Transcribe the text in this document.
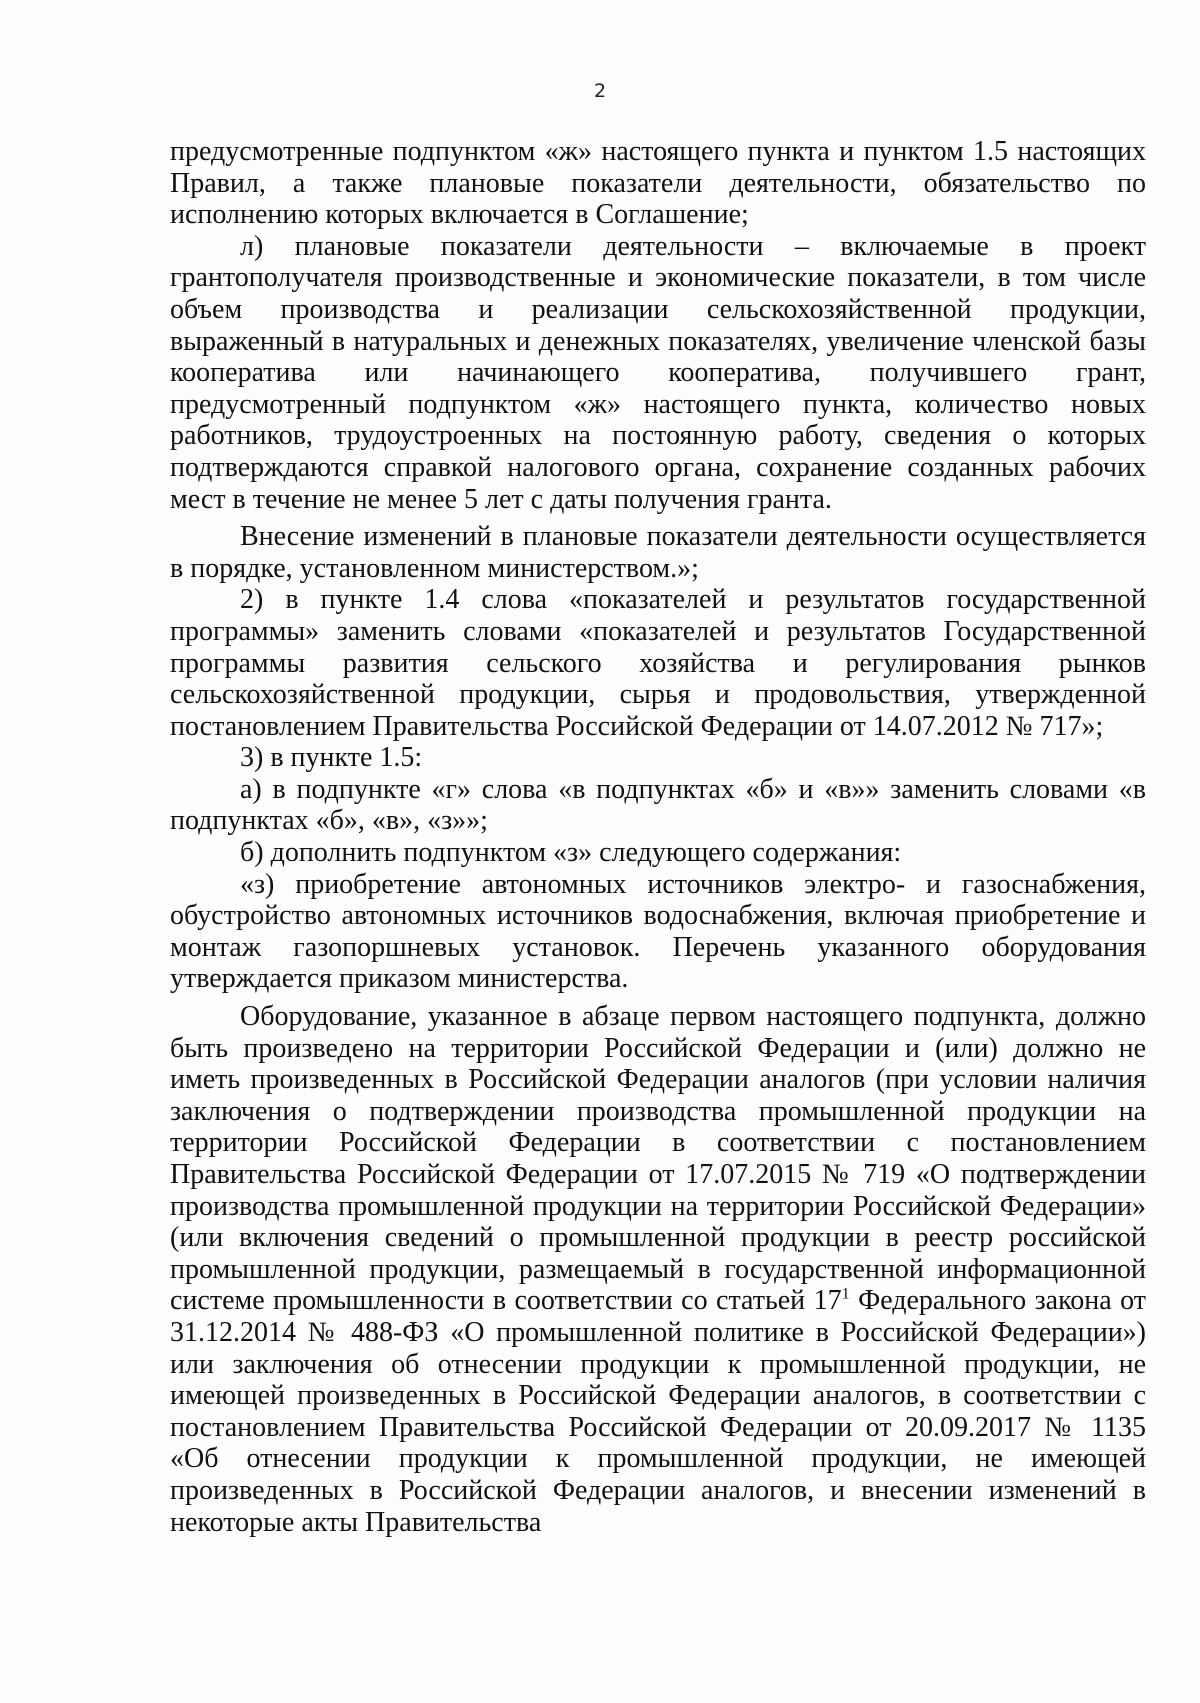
2

предусмотренные подпунктом «ж» настоящего пункта и пунктом 1.5 настоящих Правил, а также плановые показатели деятельности, обязательство по исполнению которых включается в Соглашение;

л) плановые показатели деятельности – включаемые в проект грантополучателя производственные и экономические показатели, в том числе объем производства и реализации сельскохозяйственной продукции, выраженный в натуральных и денежных показателях, увеличение членской базы кооператива или начинающего кооператива, получившего грант, предусмотренный подпунктом «ж» настоящего пункта, количество новых работников, трудоустроенных на постоянную работу, сведения о которых подтверждаются справкой налогового органа, сохранение созданных рабочих мест в течение не менее 5 лет с даты получения гранта.

Внесение изменений в плановые показатели деятельности осуществляется в порядке, установленном министерством.»;

2) в пункте 1.4 слова «показателей и результатов государственной программы» заменить словами «показателей и результатов Государственной программы развития сельского хозяйства и регулирования рынков сельскохозяйственной продукции, сырья и продовольствия, утвержденной постановлением Правительства Российской Федерации от 14.07.2012 № 717»;

3) в пункте 1.5:

а) в подпункте «г» слова «в подпунктах «б» и «в»» заменить словами «в подпунктах «б», «в», «з»»;

б) дополнить подпунктом «з» следующего содержания:

«з) приобретение автономных источников электро- и газоснабжения, обустройство автономных источников водоснабжения, включая приобретение и монтаж газопоршневых установок. Перечень указанного оборудования утверждается приказом министерства.

Оборудование, указанное в абзаце первом настоящего подпункта, должно быть произведено на территории Российской Федерации и (или) должно не иметь произведенных в Российской Федерации аналогов (при условии наличия заключения о подтверждении производства промышленной продукции на территории Российской Федерации в соответствии с постановлением Правительства Российской Федерации от 17.07.2015 № 719 «О подтверждении производства промышленной продукции на территории Российской Федерации» (или включения сведений о промышленной продукции в реестр российской промышленной продукции, размещаемый в государственной информационной системе промышленности в соответствии со статьей $17^1$ Федерального закона от 31.12.2014 № 488-ФЗ «О промышленной политике в Российской Федерации») или заключения об отнесении продукции к промышленной продукции, не имеющей произведенных в Российской Федерации аналогов, в соответствии с постановлением Правительства Российской Федерации от 20.09.2017 № 1135 «Об отнесении продукции к промышленной продукции, не имеющей произведенных в Российской Федерации аналогов, и внесении изменений в некоторые акты Правительства
